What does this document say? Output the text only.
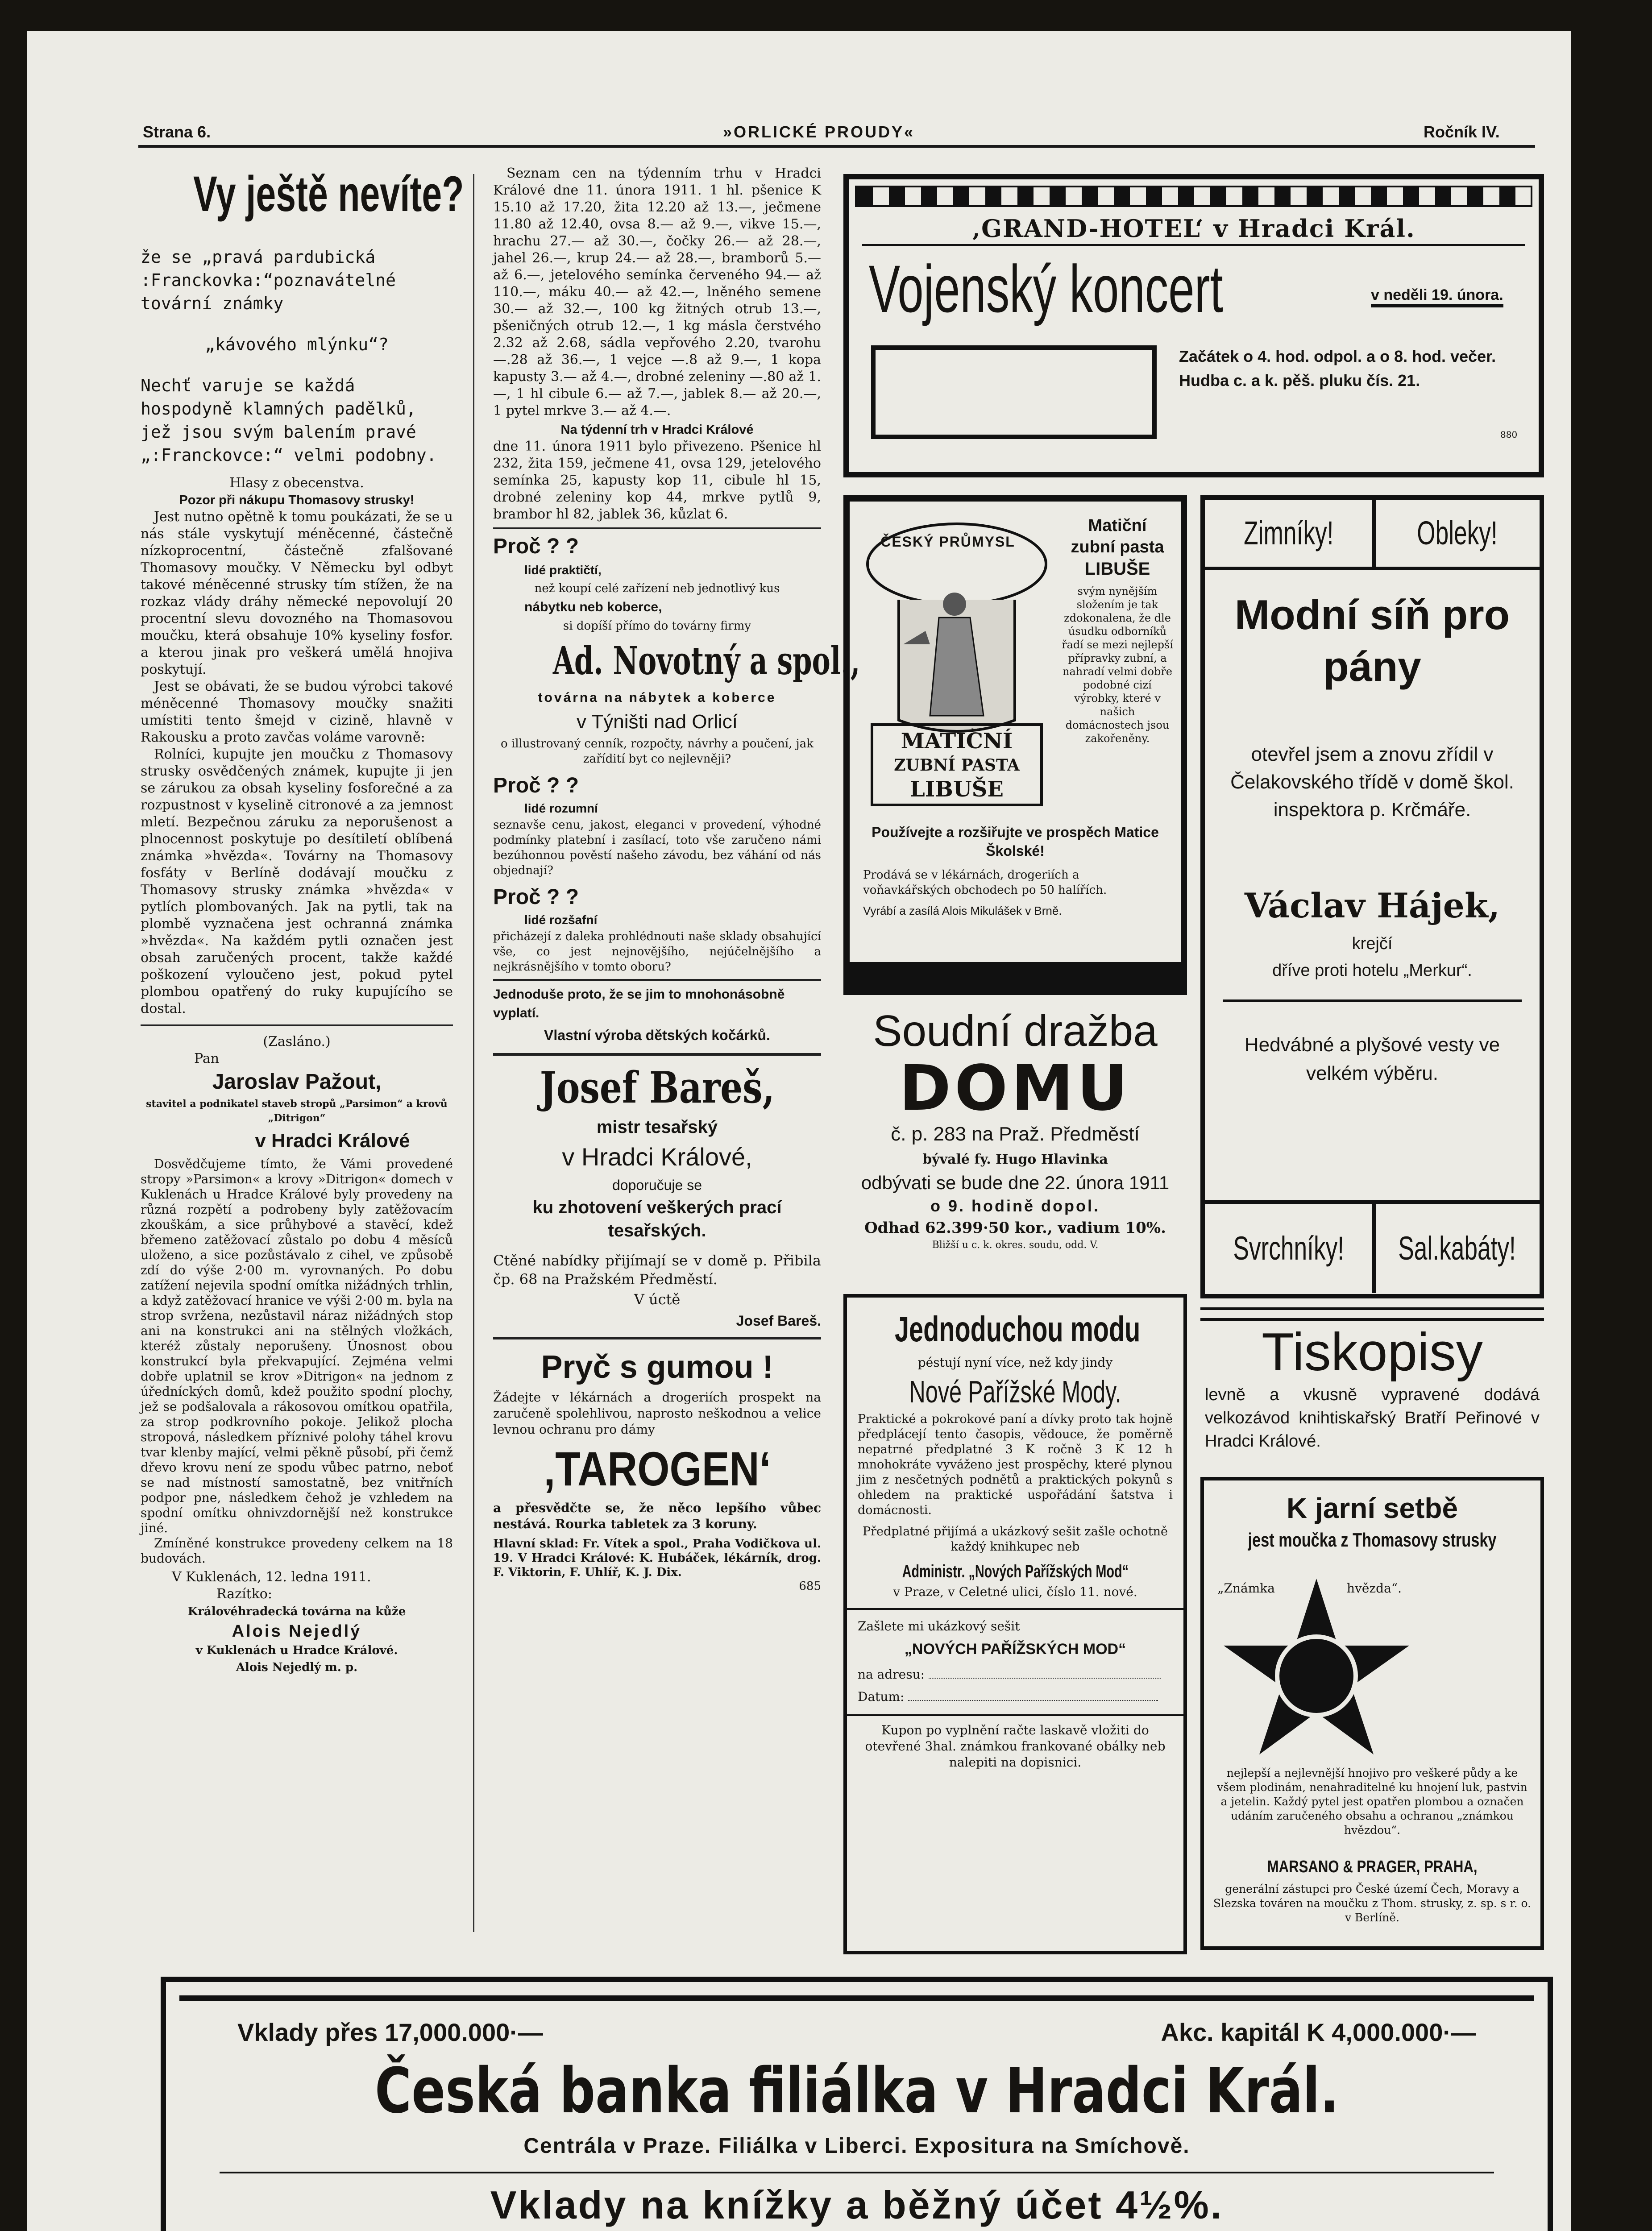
Strana 6.	»ORLICKÉ PROUDY«	Ročník IV.
Vy ještě nevíte?

že se „pravá pardubická :Franckovka:“poznavátelné tovární známky

„kávového mlýnku“?

Nechť varuje se každá hospodyně klamných padělků, jež jsou svým balením pravé „:Franckovce:“ velmi podobny.

Hlasy z obecenstva.

Pozor při nákupu Thomasovy strusky!

Jest nutno opětně k tomu poukázati, že se u nás stále vyskytují méněcenné, částečně nízkoprocentní, částečně zfalšované Thomasovy moučky. V Německu byl odbyt takové méněcenné strusky tím stížen, že na rozkaz vlády dráhy německé nepovolují 20 procentní slevu dovozného na Thomasovou moučku, která obsahuje 10% kyseliny fosfor. a kterou jinak pro veškerá umělá hnojiva poskytují.

Jest se obávati, že se budou výrobci takové méněcenné Thomasovy moučky snažiti umístiti tento šmejd v cizině, hlavně v Rakousku a proto zavčas voláme varovně:

Rolníci, kupujte jen moučku z Thomasovy strusky osvědčených známek, kupujte ji jen se zárukou za obsah kyseliny fosforečné a za rozpustnost v kyselině citronové a za jemnost mletí. Bezpečnou záruku za neporušenost a plnocennost poskytuje po desítiletí oblíbená známka »hvězda«. Továrny na Thomasovy fosfáty v Berlíně dodávají moučku z Thomasovy strusky známka »hvězda« v pytlích plombovaných. Jak na pytli, tak na plombě vyznačena jest ochranná známka »hvězda«. Na každém pytli označen jest obsah zaručených procent, takže každé poškození vyloučeno jest, pokud pytel plombou opatřený do ruky kupujícího se dostal.

(Zasláno.)

Pan

Jaroslav Pažout,

stavitel a podnikatel staveb stropů „Parsimon“ a krovů „Ditrigon“

v Hradci Králové

Dosvědčujeme tímto, že Vámi provedené stropy »Parsimon« a krovy »Ditrigon« domech v Kuklenách u Hradce Králové byly provedeny na různá rozpětí a podrobeny byly zatěžovacím zkouškám, a sice průhybové a stavěcí, kdež břemeno zatěžovací zůstalo po dobu 4 měsíců uloženo, a sice pozůstávalo z cihel, ve způsobě zdí do výše 2·00 m. vyrovnaných. Po dobu zatížení nejevila spodní omítka nižádných trhlin, a když zatěžovací hranice ve výši 2·00 m. byla na strop svržena, nezůstavil náraz nižádných stop ani na konstrukci ani na stělných vložkách, kteréž zůstaly neporušeny. Únosnost obou konstrukcí byla překvapující. Zejména velmi dobře uplatnil se krov »Ditrigon« na jednom z úředníckých domů, kdež použito spodní plochy, jež se podšalovala a rákosovou omítkou opatřila, za strop podkrovního pokoje. Jelikož plocha stropová, následkem příznivé polohy táhel krovu tvar klenby mající, velmi pěkně působí, při čemž dřevo krovu není ze spodu vůbec patrno, neboť se nad místností samostatně, bez vnitřních podpor pne, následkem čehož je vzhledem na spodní omítku ohnivzdornější než konstrukce jiné.

Zmíněné konstrukce provedeny celkem na 18 budovách.

V Kuklenách, 12. ledna 1911.

Razítko:

Královéhradecká továrna na kůže

Alois Nejedlý

v Kuklenách u Hradce Králové.

Alois Nejedlý m. p.

Seznam cen na týdenním trhu v Hradci Králové dne 11. února 1911. 1 hl. pšenice K 15.10 až 17.20, žita 12.20 až 13.—, ječmene 11.80 až 12.40, ovsa 8.— až 9.—, vikve 15.—, hrachu 27.— až 30.—, čočky 26.— až 28.—, jahel 26.—, krup 24.— až 28.—, bramborů 5.— až 6.—, jetelového semínka červeného 94.— až 110.—, máku 40.— až 42.—, lněného semene 30.— až 32.—, 100 kg žitných otrub 13.—, pšeničných otrub 12.—, 1 kg másla čerstvého 2.32 až 2.68, sádla vepřového 2.20, tvarohu —.28 až 36.—, 1 vejce —.8 až 9.—, 1 kopa kapusty 3.— až 4.—, drobné zeleniny —.80 až 1.—, 1 hl cibule 6.— až 7.—, jablek 8.— až 20.—, 1 pytel mrkve 3.— až 4.—.

Na týdenní trh v Hradci Králové

dne 11. února 1911 bylo přivezeno. Pšenice hl 232, žita 159, ječmene 41, ovsa 129, jetelového semínka 25, kapusty kop 11, cibule hl 15, drobné zeleniny kop 44, mrkve pytlů 9, brambor hl 82, jablek 36, kůzlat 6.

Proč ? ?

lidé praktičtí,

než koupí celé zařízení neb jednotlivý kus

nábytku neb koberce,

si dopíší přímo do továrny firmy

Ad. Novotný a spol.,

továrna na nábytek a koberce

v Týništi nad Orlicí

o illustrovaný cenník, rozpočty, návrhy a poučení, jak zařídití byt co nejlevněji?

Proč ? ?

lidé rozumní

seznavše cenu, jakost, eleganci v provedení, výhodné podmínky platební i zasílací, toto vše zaručeno námi bezúhonnou pověstí našeho závodu, bez váhání od nás objednají?

Proč ? ?

lidé rozšafní

přicházejí z daleka prohlédnouti naše sklady obsahující vše, co jest nejnovějšího, nejúčelnějšího a nejkrásnějšího v tomto oboru?

Jednoduše proto, že se jim to mnohonásobně vyplatí.

Vlastní výroba dětských kočárků.

Josef Bareš,

mistr tesařský

v Hradci Králové,

doporučuje se

ku zhotovení veškerých prací tesařských.

Ctěné nabídky přijímají se v domě p. Přibila čp. 68 na Pražském Předměstí.

V úctě

Josef Bareš.

Pryč s gumou !

Žádejte v lékárnách a drogeriích prospekt na zaručeně spolehlivou, naprosto neškodnou a velice levnou ochranu pro dámy

‚TAROGEN‘

a přesvědčte se, že něco lepšího vůbec nestává. Rourka tabletek za 3 koruny.

Hlavní sklad: Fr. Vítek a spol., Praha Vodičkova ul. 19. V Hradci Králové: K. Hubáček, lékárník, drog. F. Viktorin, F. Uhlíř, K. J. Dix.

685

‚GRAND-HOTEL‘ v Hradci Král.
Vojenský koncert	v neděli 19. února.
Začátek o 4. hod. odpol. a o 8. hod. večer. Hudba c. a k. pěš. pluku čís. 21.
880
ČESKÝ PRŮMYSL
MATIČNÍ
ZUBNÍ PASTA
LIBUŠE
Matiční
zubní pasta
LIBUŠE
svým nynějším složením je tak zdokonalena, že dle úsudku odborníků řadí se mezi nejlepší přípravky zubní, a nahradí velmi dobře podobné cizí výrobky, které v našich domácnostech jsou zakořeněny.
Používejte a rozšiřujte ve prospěch Matice Školské!
Prodává se v lékárnách, drogeriích a voňavkářských obchodech po 50 halířích.
Vyrábí a zasílá Alois Mikulášek v Brně.
Soudní dražba
DOMU
č. p. 283 na Praž. Předměstí
bývalé fy. Hugo Hlavinka
odbývati se bude dne 22. února 1911
o 9. hodině dopol.
Odhad 62.399·50 kor., vadium 10%.
Bližší u c. k. okres. soudu, odd. V.
Jednoduchou modu
péstují nyní více, než kdy jindy
Nové Pařížské Mody.
Praktické a pokrokové paní a dívky proto tak hojně předplácejí tento časopis, vědouce, že poměrně nepatrné předplatné 3 K ročně 3 K 12 h mnohokráte vyváženo jest prospěchy, které plynou jim z nesčetných podnětů a praktických pokynů s ohledem na praktické uspořádání šatstva i domácnosti.
Předplatné přijímá a ukázkový sešit zašle ochotně každý knihkupec neb
Administr. „Nových Pařížských Mod“
v Praze, v Celetné ulici, číslo 11. nové.
Zašlete mi ukázkový sešit
„NOVÝCH PAŘÍŽSKÝCH MOD“
na adresu:
Datum:
Kupon po vyplnění račte laskavě vložiti do otevřené 3hal. známkou frankované obálky neb nalepiti na dopisnici.
Zimníky!	Obleky!
Modní síň pro pány
otevřel jsem a znovu zřídil v Čelakovského třídě v domě škol. inspektora p. Krčmáře.
Václav Hájek,
krejčí
dříve proti hotelu „Merkur“.
Hedvábné a plyšové vesty ve velkém výběru.
Svrchníky!	Sal.kabáty!
Tiskopisy
levně a vkusně vypravené dodává velkozávod knihtiskařský Bratří Peřinové v Hradci Králové.
K jarní setbě
jest moučka z Thomasovy strusky
„Známka	hvězda“.
nejlepší a nejlevnější hnojivo pro veškeré půdy a ke všem plodinám, nenahraditelné ku hnojení luk, pastvin a jetelin. Každý pytel jest opatřen plombou a označen udáním zaručeného obsahu a ochranou „známkou hvězdou“.
MARSANO & PRAGER, PRAHA,
generální zástupci pro České území Čech, Moravy a Slezska továren na moučku z Thom. strusky, z. sp. s r. o. v Berlíně.
Vklady přes 17,000.000·—	Akc. kapitál K 4,000.000·—
Česká banka filiálka v Hradci Král.
Centrála v Praze. Filiálka v Liberci. Expositura na Smíchově.
Vklady na knížky a běžný účet 4½%.
